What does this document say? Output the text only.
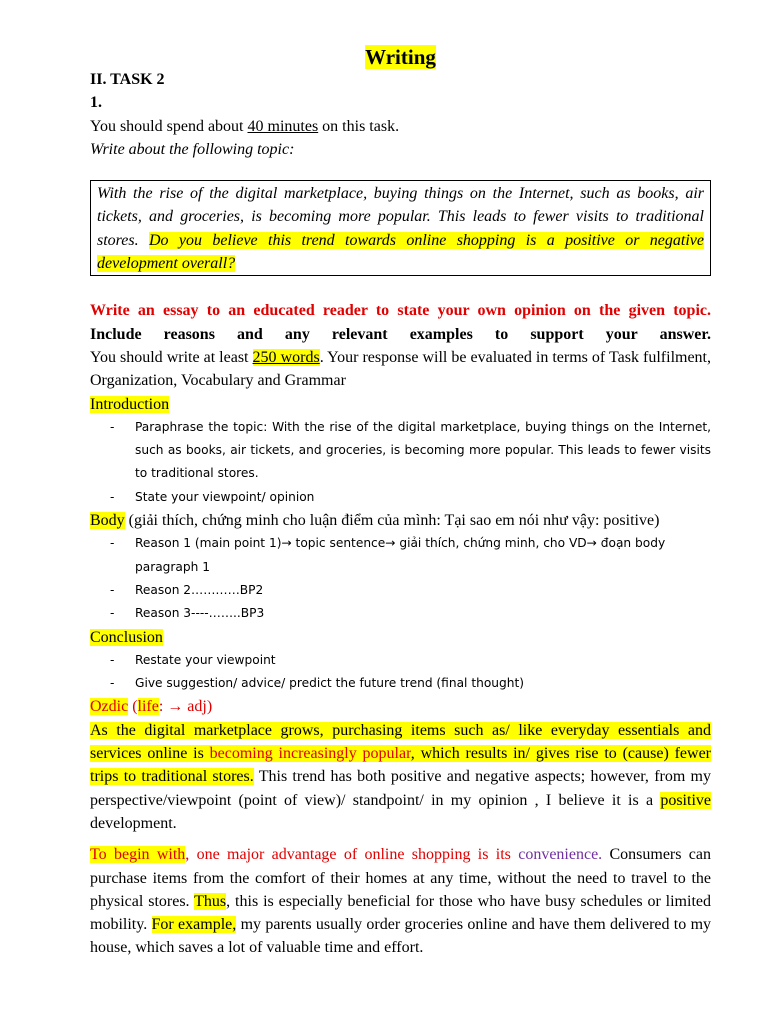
Writing
II. TASK 2
1.
You should spend about 40 minutes on this task.
Write about the following topic:
With the rise of the digital marketplace, buying things on the Internet, such as books, air tickets, and groceries, is becoming more popular. This leads to fewer visits to traditional stores. Do you believe this trend towards online shopping is a positive or negative development overall?
Write an essay to an educated reader to state your own opinion on the given topic.
Include reasons and any relevant examples to support your answer.
You should write at least 250 words. Your response will be evaluated in terms of Task fulfilment, Organization, Vocabulary and Grammar
Introduction
- Paraphrase the topic: With the rise of the digital marketplace, buying things on the Internet, such as books, air tickets, and groceries, is becoming more popular. This leads to fewer visits to traditional stores.
- State your viewpoint/ opinion
Body (giải thích, chứng minh cho luận điểm của mình: Tại sao em nói như vậy: positive)
- Reason 1 (main point 1)→ topic sentence→ giải thích, chứng minh, cho VD→ đoạn body paragraph 1
- Reason 2…………BP2
- Reason 3----……..BP3
Conclusion
- Restate your viewpoint
- Give suggestion/ advice/ predict the future trend (final thought)
Ozdic (life: → adj)
As the digital marketplace grows, purchasing items such as/ like everyday essentials and services online is becoming increasingly popular, which results in/ gives rise to (cause) fewer trips to traditional stores. This trend has both positive and negative aspects; however, from my perspective/viewpoint (point of view)/ standpoint/ in my opinion , I believe it is a positive development.
To begin with, one major advantage of online shopping is its convenience. Consumers can purchase items from the comfort of their homes at any time, without the need to travel to the physical stores. Thus, this is especially beneficial for those who have busy schedules or limited mobility. For example, my parents usually order groceries online and have them delivered to my house, which saves a lot of valuable time and effort.
